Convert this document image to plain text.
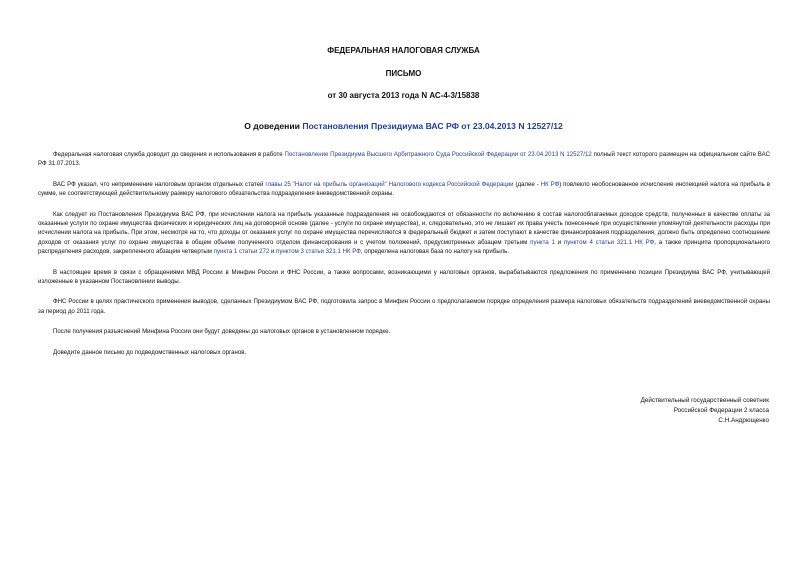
ФЕДЕРАЛЬНАЯ НАЛОГОВАЯ СЛУЖБА
ПИСЬМО
от 30 августа 2013 года N АС-4-3/15838
О доведении Постановления Президиума ВАС РФ от 23.04.2013 N 12527/12

Федеральная налоговая служба доводит до сведения и использования в работе Постановление Президиума Высшего Арбитражного Суда Российской Федерации от 23.04.2013 N 12527/12 полный текст которого размещен на официальном сайте ВАС РФ 31.07.2013.

ВАС РФ указал, что неприменение налоговым органом отдельных статей главы 25 "Налог на прибыль организаций" Налогового кодекса Российской Федерации (далее - НК РФ) повлекло необоснованное исчисление инспекцией налога на прибыль в сумме, не соответствующей действительному размеру налогового обязательства подразделения вневедомственной охраны.

Как следует из Постановления Президиума ВАС РФ, при исчислении налога на прибыль указанные подразделения не освобождаются от обязанности по включению в состав налогооблагаемых доходов средств, полученных в качестве оплаты за оказанные услуги по охране имущества физических и юридических лиц на договорной основе (далее - услуги по охране имущества), и, следовательно, это не лишает их права учесть понесенные при осуществлении упомянутой деятельности расходы при исчислении налога на прибыль. При этом, несмотря на то, что доходы от оказания услуг по охране имущества перечисляются в федеральный бюджет и затем поступают в качестве финансирования подразделения, должно быть определено соотношение доходов от оказания услуг по охране имущества в общем объеме полученного отделом финансирования и с учетом положений, предусмотренных абзацем третьим пункта 1 и пунктом 4 статьи 321.1 НК РФ, а также принципа пропорционального распределения расходов, закрепленного абзацем четвертым пункта 1 статьи 272 и пунктом 3 статьи 321.1 НК РФ, определена налоговая база по налогу на прибыль.

В настоящее время в связи с обращениями МВД России в Минфин России и ФНС России, а также вопросами, возникающими у налоговых органов, вырабатываются предложения по применению позиции Президиума ВАС РФ, учитывающей изложенные в указанном Постановлении выводы.

ФНС России в целях практического применения выводов, сделанных Президиумом ВАС РФ, подготовила запрос в Минфин России о предполагаемом порядке определения размера налоговых обязательств подразделений вневедомственной охраны за период до 2011 года.

После получения разъяснений Минфина России они будут доведены до налоговых органов в установленном порядке.

Доведите данное письмо до подведомственных налоговых органов.

Действительный государственный советник
Российской Федерации 2 класса
С.Н.Андрющенко
